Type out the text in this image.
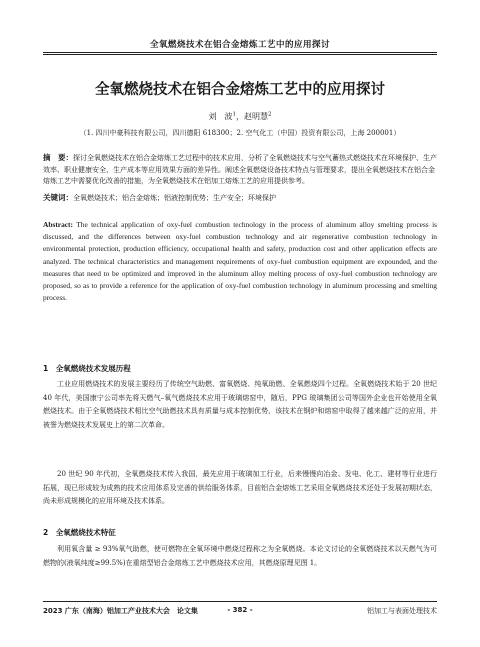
全氧燃烧技术在铝合金熔炼工艺中的应用探讨
全氧燃烧技术在铝合金熔炼工艺中的应用探讨
刘　波$^1$，赵明慧$^2$
（1. 四川中豪科技有限公司，四川德阳 618300；2. 空气化工（中国）投资有限公司，上海 200001）
摘　要：探讨全氧燃烧技术在铝合金熔炼工艺过程中的技术应用，分析了全氧燃烧技术与空气蓄热式燃烧技术在环境保护、生产效率、职业健康安全、生产成本等应用效果方面的差异性。阐述全氧燃烧设备技术特点与管理要求，提出全氧燃烧技术在铝合金熔炼工艺中需要优化改善的措施，为全氧燃烧技术在铝加工熔炼工艺的应用提供参考。
关键词：全氧燃烧技术；铝合金熔炼；铝液控制优势；生产安全；环境保护
Abstract: The technical application of oxy-fuel combustion technology in the process of aluminum alloy smelting process is discussed, and the differences between oxy-fuel combustion technology and air regenerative combustion technology in environmental protection, production efficiency, occupational health and safety, production cost and other application effects are analyzed. The technical characteristics and management requirements of oxy-fuel combustion equipment are expounded, and the measures that need to be optimized and improved in the aluminum alloy melting process of oxy-fuel combustion technology are proposed, so as to provide a reference for the application of oxy-fuel combustion technology in aluminum processing and smelting process.
1　全氧燃烧技术发展历程
工业应用燃烧技术的发展主要经历了传统空气助燃、富氧燃烧、纯氧助燃、全氧燃烧四个过程。全氧燃烧技术始于 20 世纪 40 年代，美国康宁公司率先将天燃气–氧气燃烧技术应用于玻璃熔窑中，随后，PPG 玻璃集团公司等国外企业也开始使用全氧燃烧技术。由于全氧燃烧技术相比空气助燃技术具有质量与成本控制优势，该技术在钢炉和熔窑中取得了越来越广泛的应用，并被誉为燃烧技术发展史上的第二次革命。
20 世纪 90 年代初，全氧燃烧技术传入我国，最先应用于玻璃加工行业，后来慢慢向冶金、发电、化工、建材等行业进行拓展，现已形成较为成熟的技术应用体系及完善的供给服务体系，目前铝合金熔炼工艺采用全氧燃烧技术还处于发展初期状态，尚未形成规模化的应用环境及技术体系。
2　全氧燃烧技术特征
利用氧含量 ≥ 93%氧气助燃，使可燃物在全氧环境中燃烧过程称之为全氧燃烧。本论文讨论的全氧燃烧技术以天燃气为可燃物的(液氧纯度≥99.5%)在重熔型铝合金熔炼工艺中燃烧技术应用，其燃烧原理见图 1。
2023 广东（南海）铝加工产业技术大会　论文集	- 382 -	铝加工与表面处理技术
